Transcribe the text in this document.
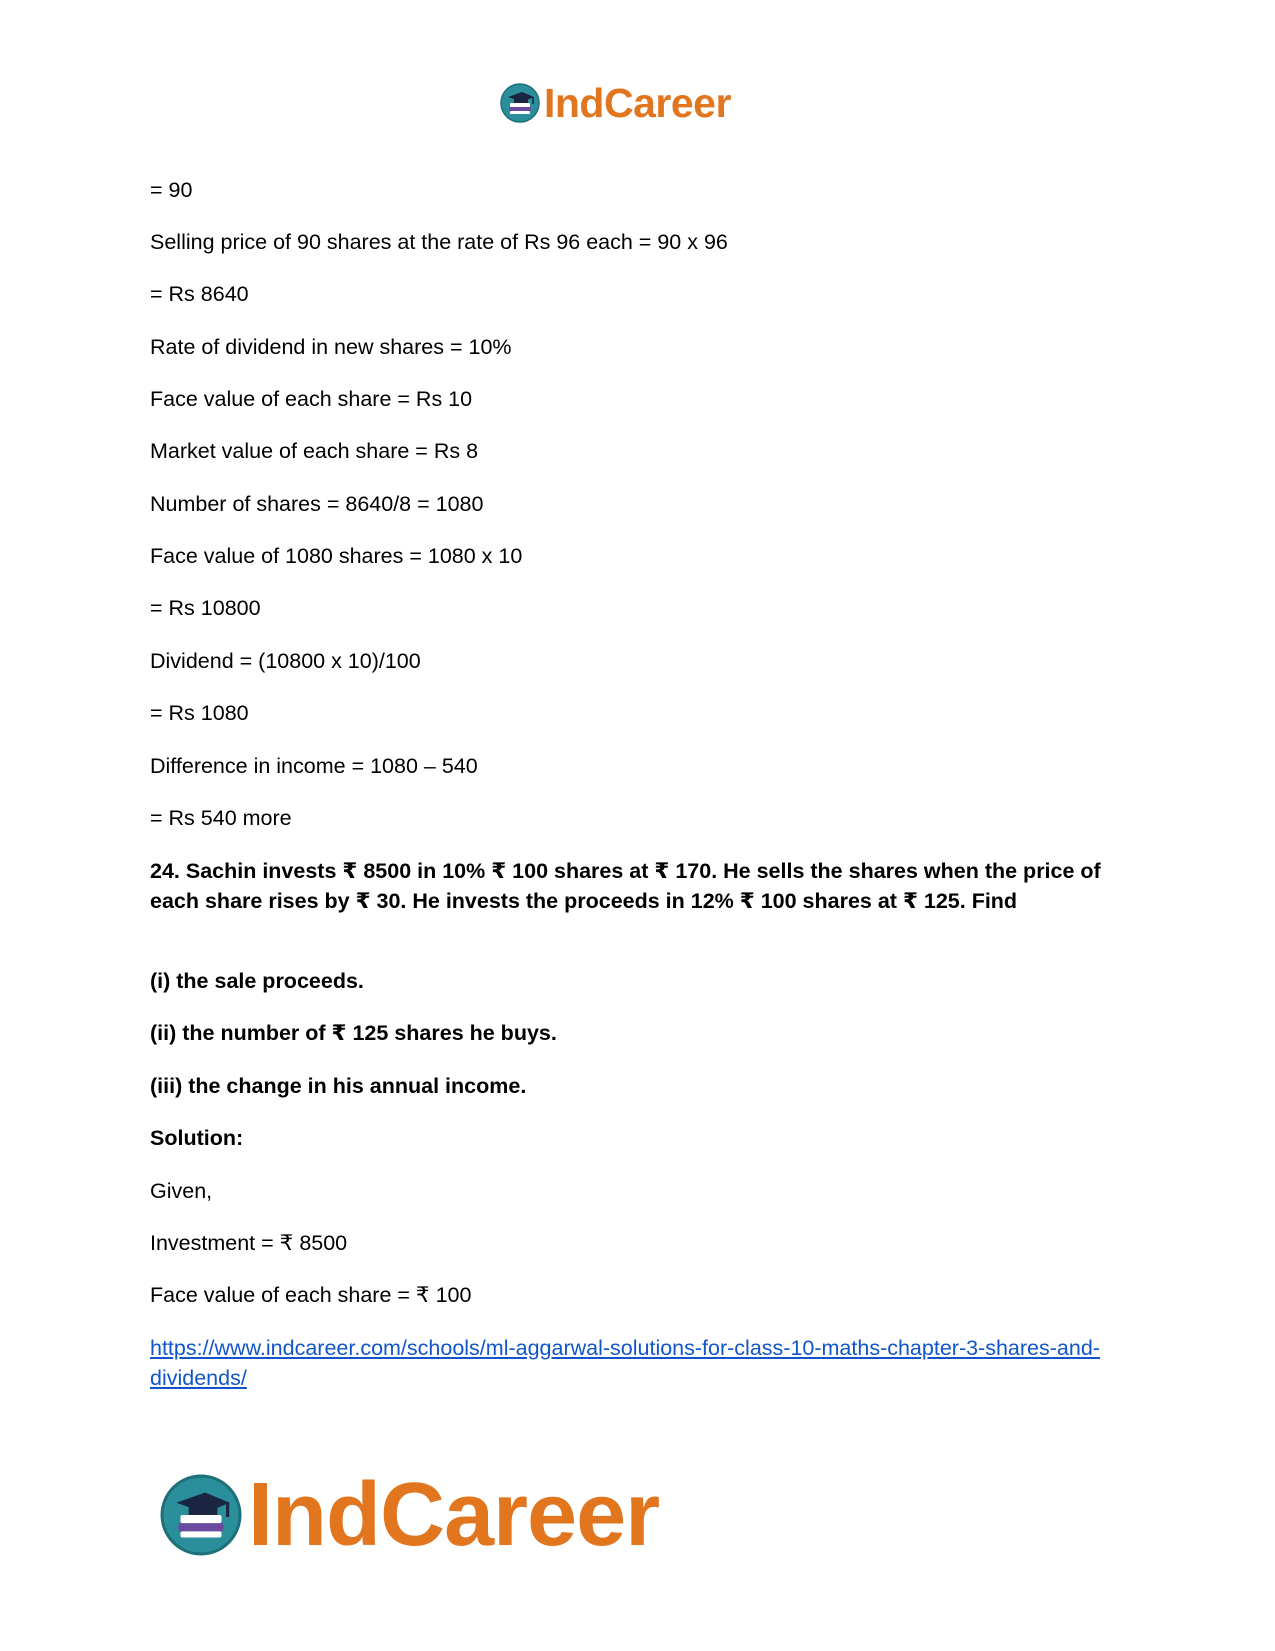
IndCareer
= 90
Selling price of 90 shares at the rate of Rs 96 each = 90 x 96
= Rs 8640
Rate of dividend in new shares = 10%
Face value of each share = Rs 10
Market value of each share = Rs 8
Number of shares = 8640/8 = 1080
Face value of 1080 shares = 1080 x 10
= Rs 10800
Dividend = (10800 x 10)/100
= Rs 1080
Difference in income = 1080 – 540
= Rs 540 more
24. Sachin invests ₹ 8500 in 10% ₹ 100 shares at ₹ 170. He sells the shares when the price of each share rises by ₹ 30. He invests the proceeds in 12% ₹ 100 shares at ₹ 125. Find
(i) the sale proceeds.
(ii) the number of ₹ 125 shares he buys.
(iii) the change in his annual income.
Solution:
Given,
Investment = ₹ 8500
Face value of each share = ₹ 100
https://www.indcareer.com/schools/ml-aggarwal-solutions-for-class-10-maths-chapter-3-shares-and-dividends/
IndCareer
